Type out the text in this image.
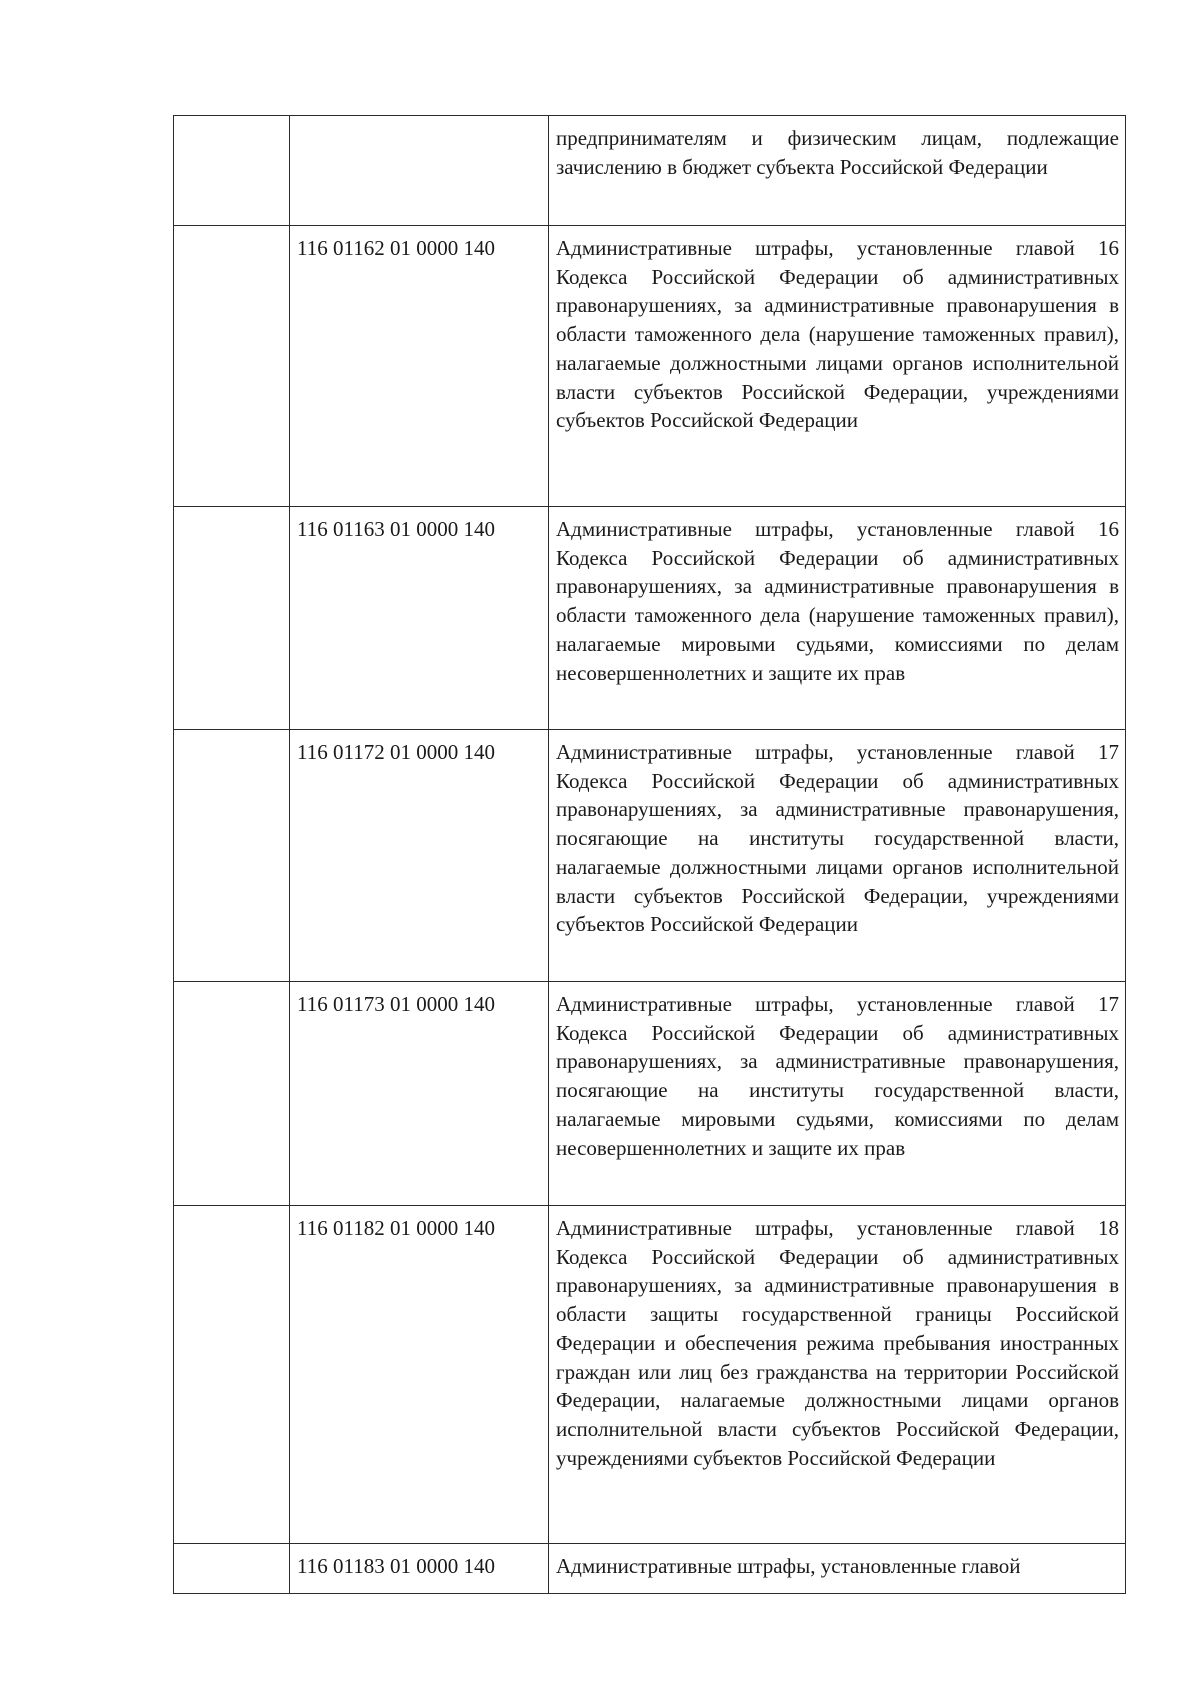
		предпринимателям и физическим лицам, подлежащие зачислению в бюджет субъекта Российской Федерации
	116 01162 01 0000 140	Административные штрафы, установленные главой 16 Кодекса Российской Федерации об административных правонарушениях, за административные правонарушения в области таможенного дела (нарушение таможенных правил), налагаемые должностными лицами органов исполнительной власти субъектов Российской Федерации, учреждениями субъектов Российской Федерации
	116 01163 01 0000 140	Административные штрафы, установленные главой 16 Кодекса Российской Федерации об административных правонарушениях, за административные правонарушения в области таможенного дела (нарушение таможенных правил), налагаемые мировыми судьями, комиссиями по делам несовершеннолетних и защите их прав
	116 01172 01 0000 140	Административные штрафы, установленные главой 17 Кодекса Российской Федерации об административных правонарушениях, за административные правонарушения, посягающие на институты государственной власти, налагаемые должностными лицами органов исполнительной власти субъектов Российской Федерации, учреждениями субъектов Российской Федерации
	116 01173 01 0000 140	Административные штрафы, установленные главой 17 Кодекса Российской Федерации об административных правонарушениях, за административные правонарушения, посягающие на институты государственной власти, налагаемые мировыми судьями, комиссиями по делам несовершеннолетних и защите их прав
	116 01182 01 0000 140	Административные штрафы, установленные главой 18 Кодекса Российской Федерации об административных правонарушениях, за административные правонарушения в области защиты государственной границы Российской Федерации и обеспечения режима пребывания иностранных граждан или лиц без гражданства на территории Российской Федерации, налагаемые должностными лицами органов исполнительной власти субъектов Российской Федерации, учреждениями субъектов Российской Федерации
	116 01183 01 0000 140	Административные штрафы, установленные главой
